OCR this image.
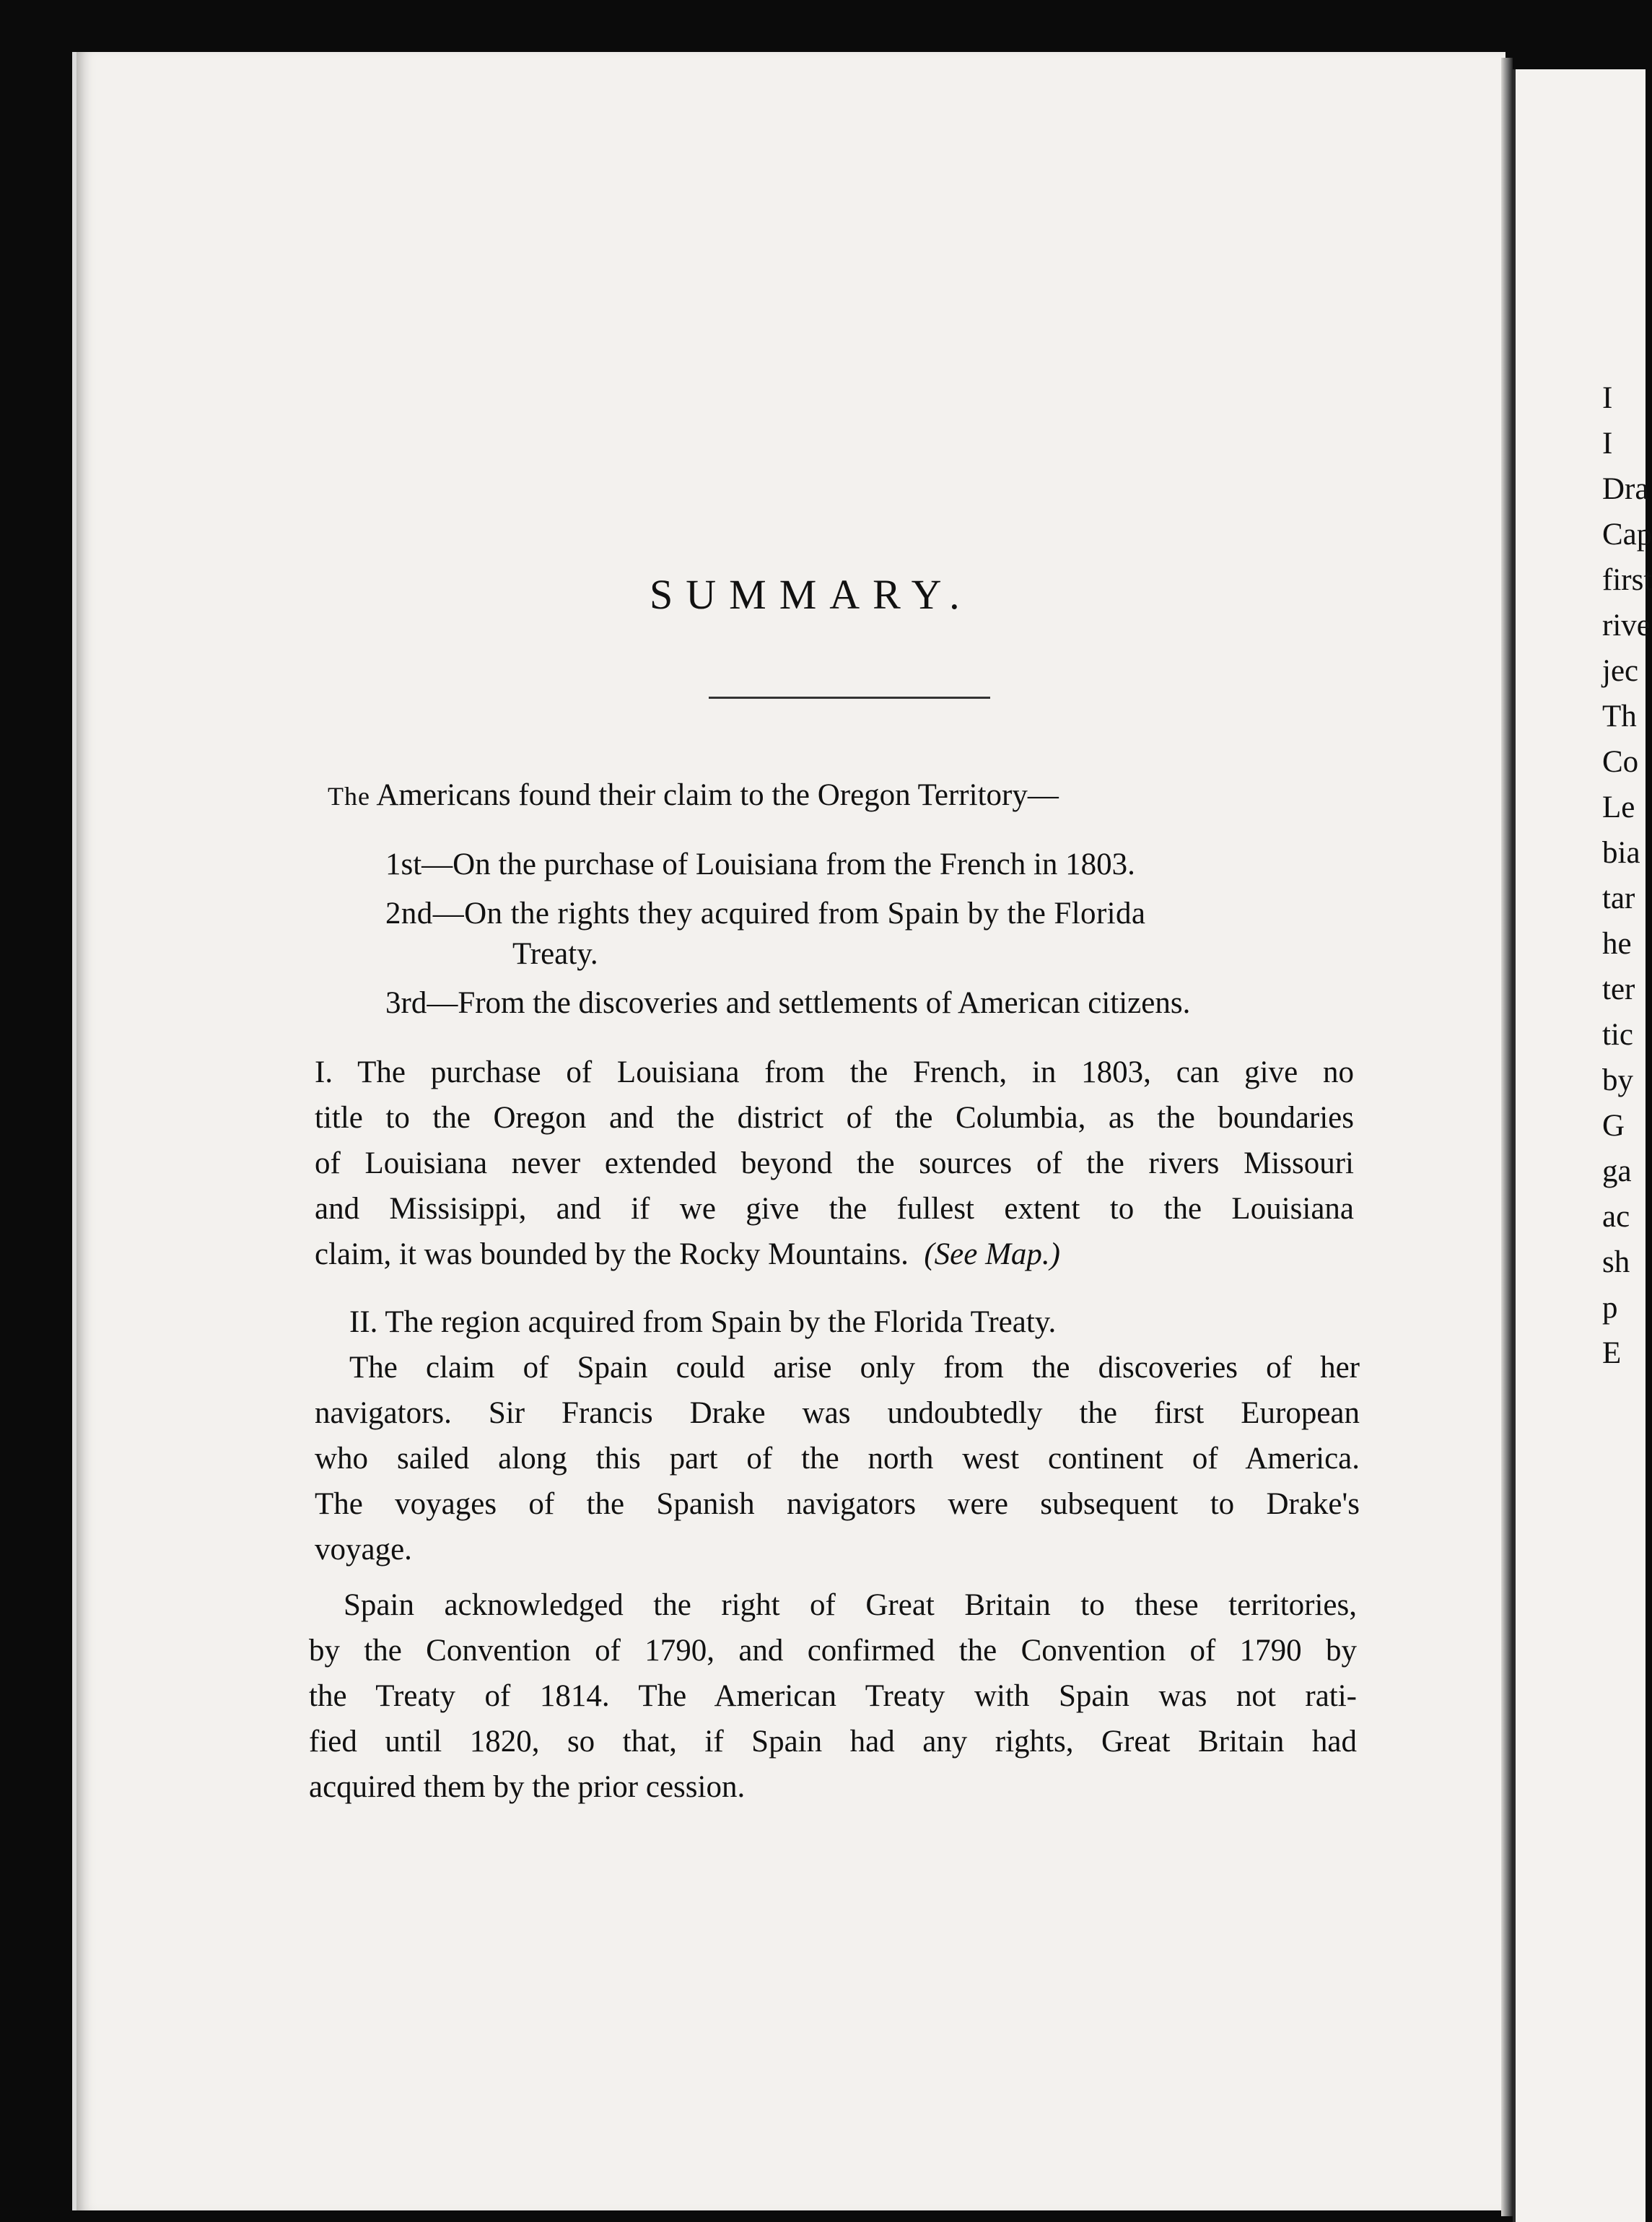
SUMMARY.
The Americans found their claim to the Oregon Territory—
1st—On the purchase of Louisiana from the French in 1803.
2nd—On the rights they acquired from Spain by the Florida
Treaty.
3rd—From the discoveries and settlements of American citizens.
I. The purchase of Louisiana from the French, in 1803, can give no
title to the Oregon and the district of the Columbia, as the boundaries
of Louisiana never extended beyond the sources of the rivers Missouri
and Missisippi, and if we give the fullest extent to the Louisiana
claim, it was bounded by the Rocky Mountains. (See Map.)
II. The region acquired from Spain by the Florida Treaty.
The claim of Spain could arise only from the discoveries of her
navigators. Sir Francis Drake was undoubtedly the first European
who sailed along this part of the north west continent of America.
The voyages of the Spanish navigators were subsequent to Drake's
voyage.
Spain acknowledged the right of Great Britain to these territories,
by the Convention of 1790, and confirmed the Convention of 1790 by
the Treaty of 1814. The American Treaty with Spain was not rati-
fied until 1820, so that, if Spain had any rights, Great Britain had
acquired them by the prior cession.
I
I
Dra
Cap
first
rive
jec
Th
Co
Le
bia
tar
he
ter
tic
by
G
ga
ac
sh
p
E
